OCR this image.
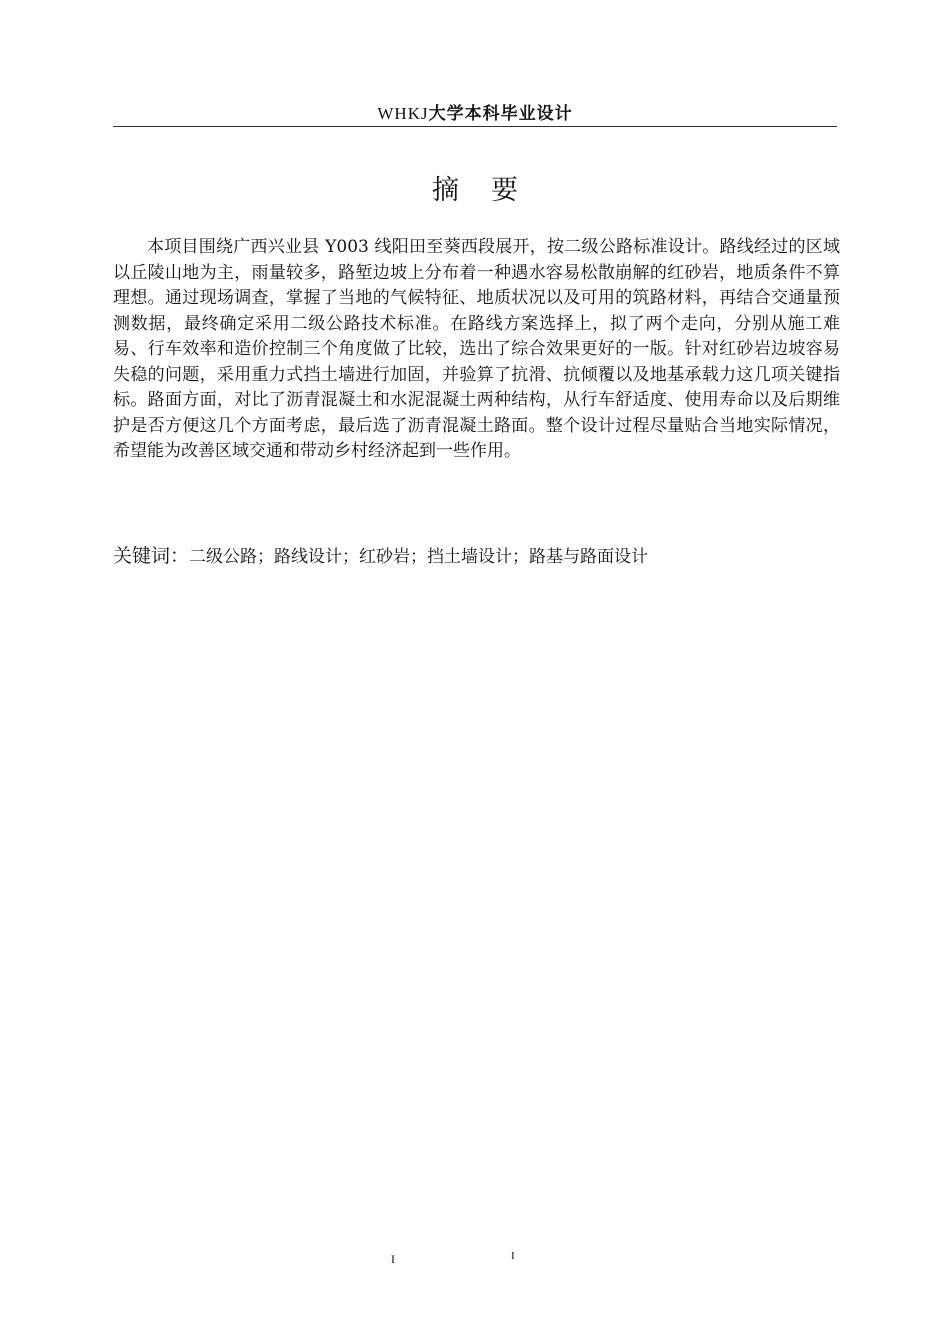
WHKJ大学本科毕业设计
摘 要

本项目围绕广西兴业县 Y003 线阳田至葵西段展开，按二级公路标准设计。路线经过的区域以丘陵山地为主，雨量较多，路堑边坡上分布着一种遇水容易松散崩解的红砂岩，地质条件不算理想。通过现场调查，掌握了当地的气候特征、地质状况以及可用的筑路材料，再结合交通量预测数据，最终确定采用二级公路技术标准。在路线方案选择上，拟了两个走向，分别从施工难易、行车效率和造价控制三个角度做了比较，选出了综合效果更好的一版。针对红砂岩边坡容易失稳的问题，采用重力式挡土墙进行加固，并验算了抗滑、抗倾覆以及地基承载力这几项关键指标。路面方面，对比了沥青混凝土和水泥混凝土两种结构，从行车舒适度、使用寿命以及后期维护是否方便这几个方面考虑，最后选了沥青混凝土路面。整个设计过程尽量贴合当地实际情况，希望能为改善区域交通和带动乡村经济起到一些作用。

关键词：二级公路；路线设计；红砂岩；挡土墙设计；路基与路面设计
I	I
